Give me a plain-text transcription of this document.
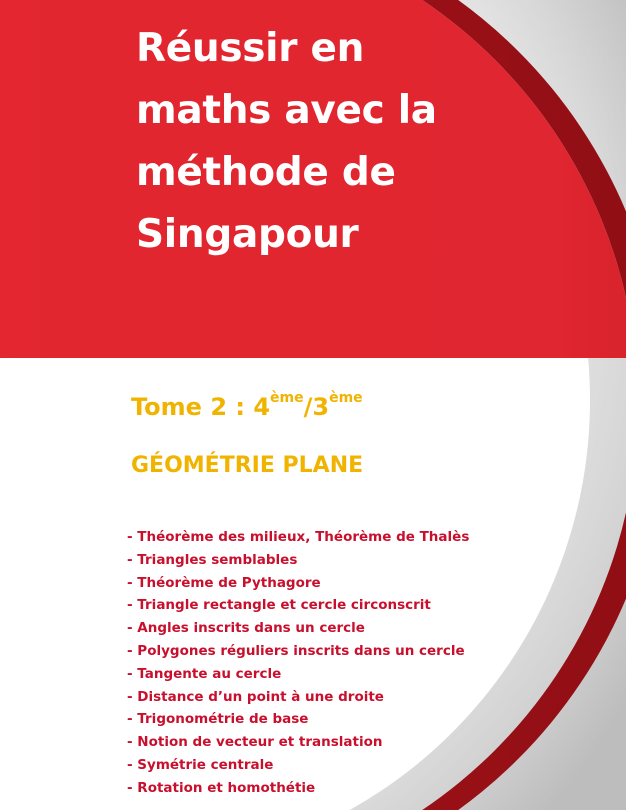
Réussir en
maths avec la
méthode de
Singapour
Tome 2 : 4ème/3ème
GÉOMÉTRIE PLANE
- Théorème des milieux, Théorème de Thalès
- Triangles semblables
- Théorème de Pythagore
- Triangle rectangle et cercle circonscrit
- Angles inscrits dans un cercle
- Polygones réguliers inscrits dans un cercle
- Tangente au cercle
- Distance d’un point à une droite
- Trigonométrie de base
- Notion de vecteur et translation
- Symétrie centrale
- Rotation et homothétie
